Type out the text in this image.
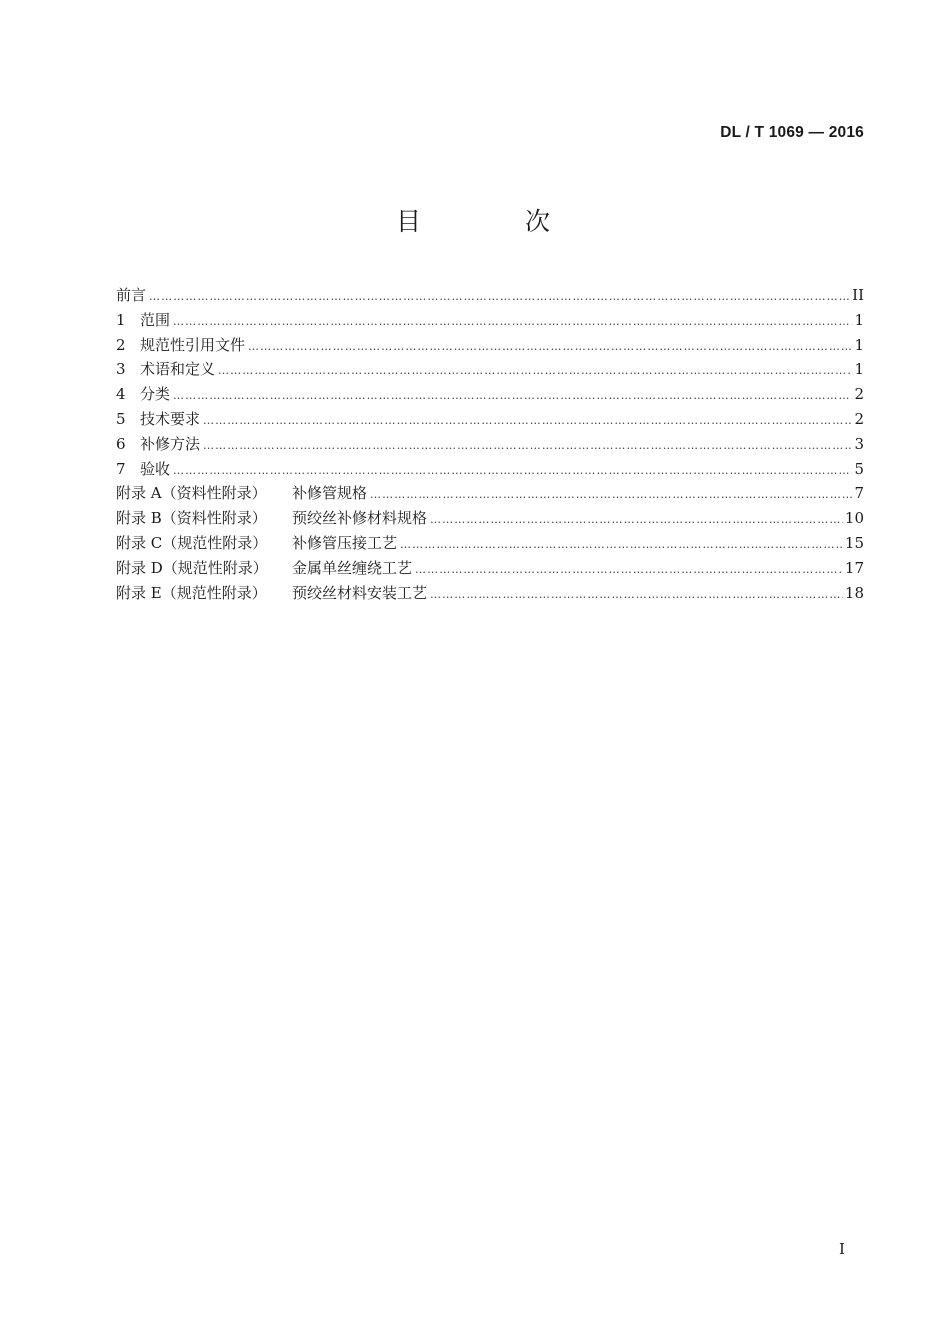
DL / T 1069 — 2016
目 次
前言 ……………………………………………………………………………………………………………………………………………………………………………………………………………………………………	II
1 范围 ……………………………………………………………………………………………………………………………………………………………………………………………………………………………………	1
2 规范性引用文件 ……………………………………………………………………………………………………………………………………………………………………………………………………………………………………	1
3 术语和定义 ……………………………………………………………………………………………………………………………………………………………………………………………………………………………………	1
4 分类 ……………………………………………………………………………………………………………………………………………………………………………………………………………………………………	2
5 技术要求 ……………………………………………………………………………………………………………………………………………………………………………………………………………………………………	2
6 补修方法 ……………………………………………………………………………………………………………………………………………………………………………………………………………………………………	3
7 验收 ……………………………………………………………………………………………………………………………………………………………………………………………………………………………………	5
附录 A（资料性附录）	补修管规格 ……………………………………………………………………………………………………………………………………………………………………………………………………………………………………	7
附录 B（资料性附录）	预绞丝补修材料规格 ……………………………………………………………………………………………………………………………………………………………………………………………………………………………………	10
附录 C（规范性附录）	补修管压接工艺 ……………………………………………………………………………………………………………………………………………………………………………………………………………………………………	15
附录 D（规范性附录）	金属单丝缠绕工艺 ……………………………………………………………………………………………………………………………………………………………………………………………………………………………………	17
附录 E（规范性附录）	预绞丝材料安装工艺 ……………………………………………………………………………………………………………………………………………………………………………………………………………………………………	18
I
